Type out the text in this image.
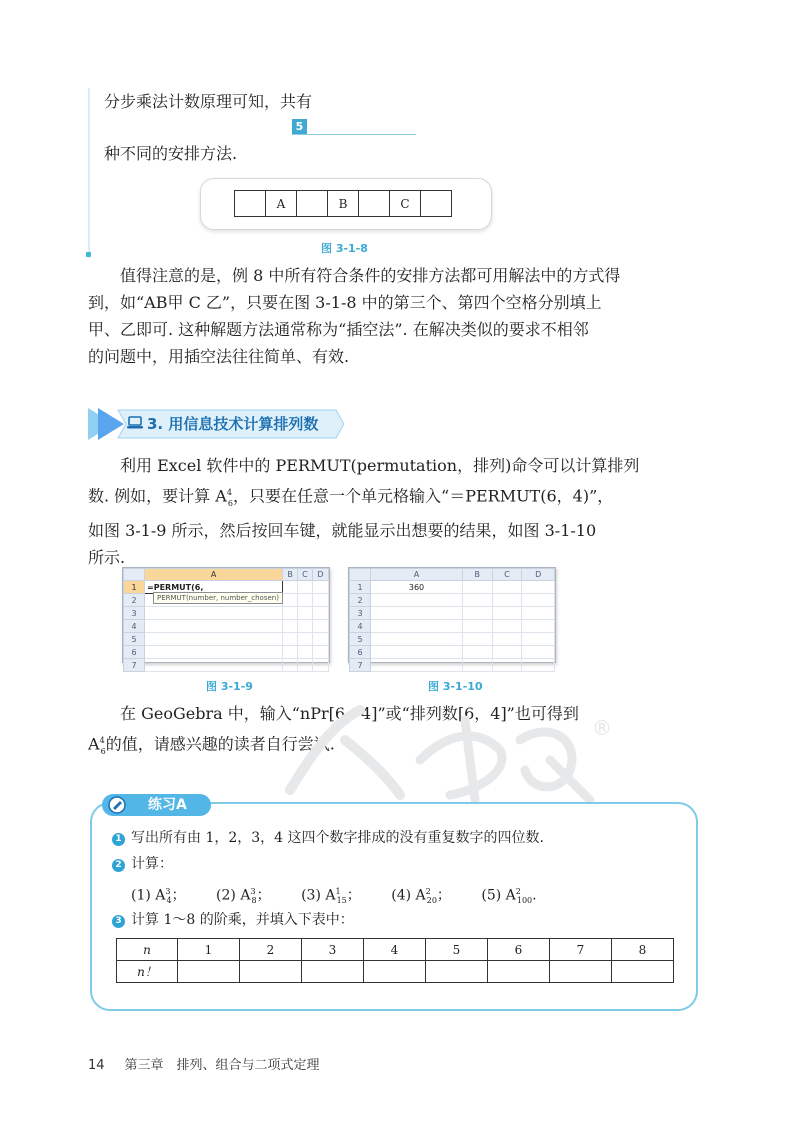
分步乘法计数原理可知，共有
5
种不同的安排方法.
	A		B		C	
图 3-1-8
值得注意的是，例 8 中所有符合条件的安排方法都可用解法中的方式得
到，如“AB甲 C 乙”，只要在图 3-1-8 中的第三个、第四个空格分别填上
甲、乙即可. 这种解题方法通常称为“插空法”. 在解决类似的要求不相邻
的问题中，用插空法往往简单、有效.
3. 用信息技术计算排列数
利用 Excel 软件中的 PERMUT(permutation，排列)命令可以计算排列
数. 例如，要计算 $A^4_6$，只要在任意一个单元格输入“＝PERMUT(6，4)”，
如图 3-1-9 所示，然后按回车键，就能显示出想要的结果，如图 3-1-10
所示.
	A	B	C	D
1	=PERMUT(6,			
2				
3				
4				
5				
6				
7				
PERMUT(number, number_chosen)
图 3-1-9
	A	B	C	D
1	360			
2				
3				
4				
5				
6				
7				
图 3-1-10
在 GeoGebra 中，输入“nPr[6，4]”或“排列数[6，4]”也可得到
$A^4_6$的值，请感兴趣的读者自行尝试.
®
练习A
1 写出所有由 1，2，3，4 这四个数字排成的没有重复数字的四位数.
2 计算：
(1) $A^3_4$； (2) $A^3_8$； (3) $A^1_{15}$； (4) $A^2_{20}$； (5) $A^2_{100}$.
3 计算 1～8 的阶乘，并填入下表中：
n	1	2	3	4	5	6	7	8
n！								
14 第三章　排列、组合与二项式定理
